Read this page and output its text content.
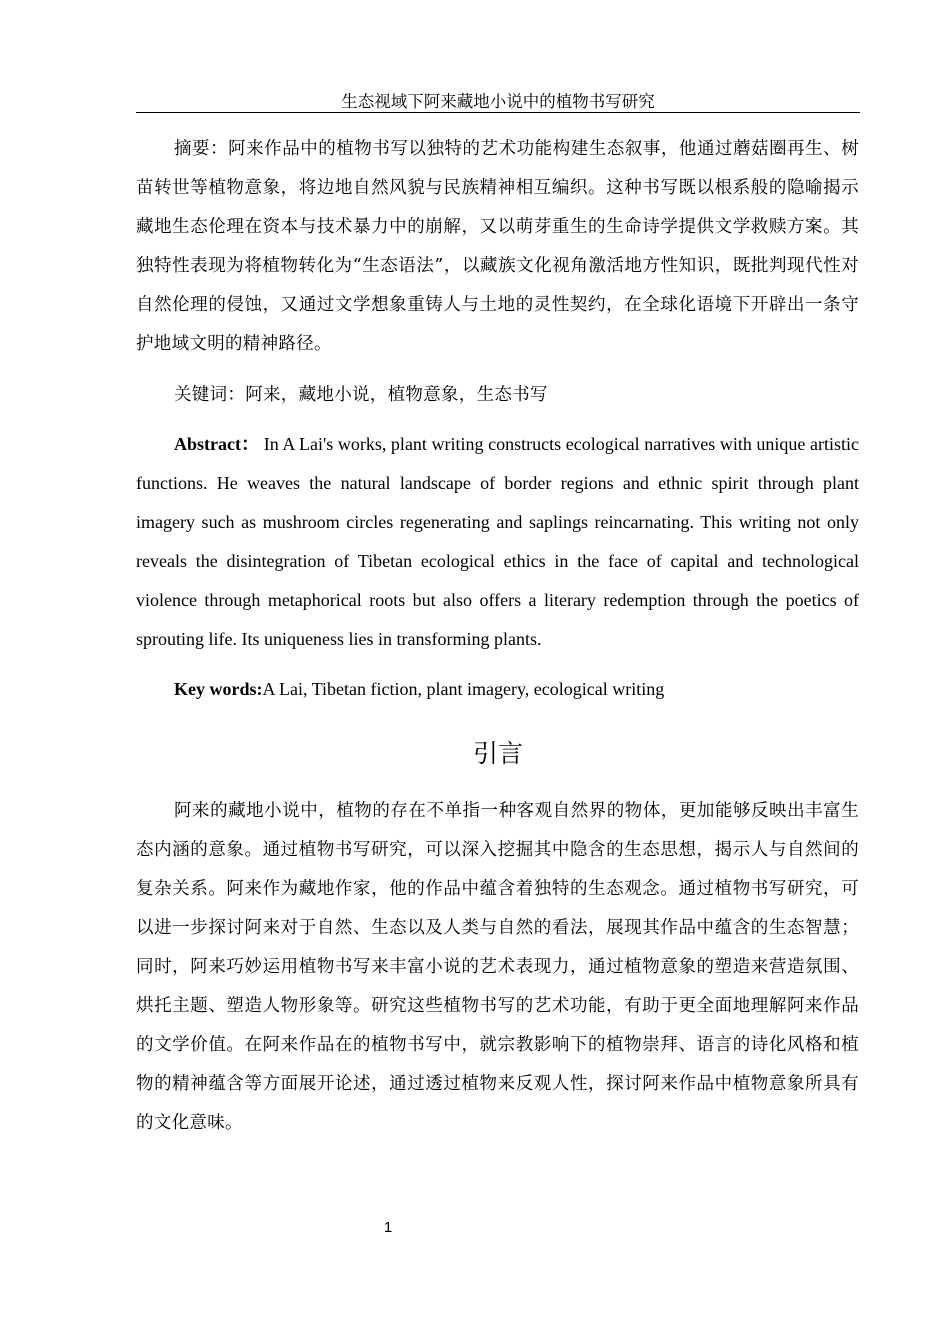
生态视域下阿来藏地小说中的植物书写研究

摘要：阿来作品中的植物书写以独特的艺术功能构建生态叙事，他通过蘑菇圈再生、树苗转世等植物意象，将边地自然风貌与民族精神相互编织。这种书写既以根系般的隐喻揭示藏地生态伦理在资本与技术暴力中的崩解，又以萌芽重生的生命诗学提供文学救赎方案。其独特性表现为将植物转化为“生态语法”，以藏族文化视角激活地方性知识，既批判现代性对自然伦理的侵蚀，又通过文学想象重铸人与土地的灵性契约，在全球化语境下开辟出一条守护地域文明的精神路径。

关键词：阿来，藏地小说，植物意象，生态书写

Abstract： In A Lai's works, plant writing constructs ecological narratives with unique artistic functions. He weaves the natural landscape of border regions and ethnic spirit through plant imagery such as mushroom circles regenerating and saplings reincarnating. This writing not only reveals the disintegration of Tibetan ecological ethics in the face of capital and technological violence through metaphorical roots but also offers a literary redemption through the poetics of sprouting life. Its uniqueness lies in transforming plants.

Key words:A Lai, Tibetan fiction, plant imagery, ecological writing

引言

阿来的藏地小说中，植物的存在不单指一种客观自然界的物体，更加能够反映出丰富生态内涵的意象。通过植物书写研究，可以深入挖掘其中隐含的生态思想，揭示人与自然间的复杂关系。阿来作为藏地作家，他的作品中蕴含着独特的生态观念。通过植物书写研究，可以进一步探讨阿来对于自然、生态以及人类与自然的看法，展现其作品中蕴含的生态智慧；同时，阿来巧妙运用植物书写来丰富小说的艺术表现力，通过植物意象的塑造来营造氛围、烘托主题、塑造人物形象等。研究这些植物书写的艺术功能，有助于更全面地理解阿来作品的文学价值。在阿来作品在的植物书写中，就宗教影响下的植物崇拜、语言的诗化风格和植物的精神蕴含等方面展开论述，通过透过植物来反观人性，探讨阿来作品中植物意象所具有的文化意味。

1
